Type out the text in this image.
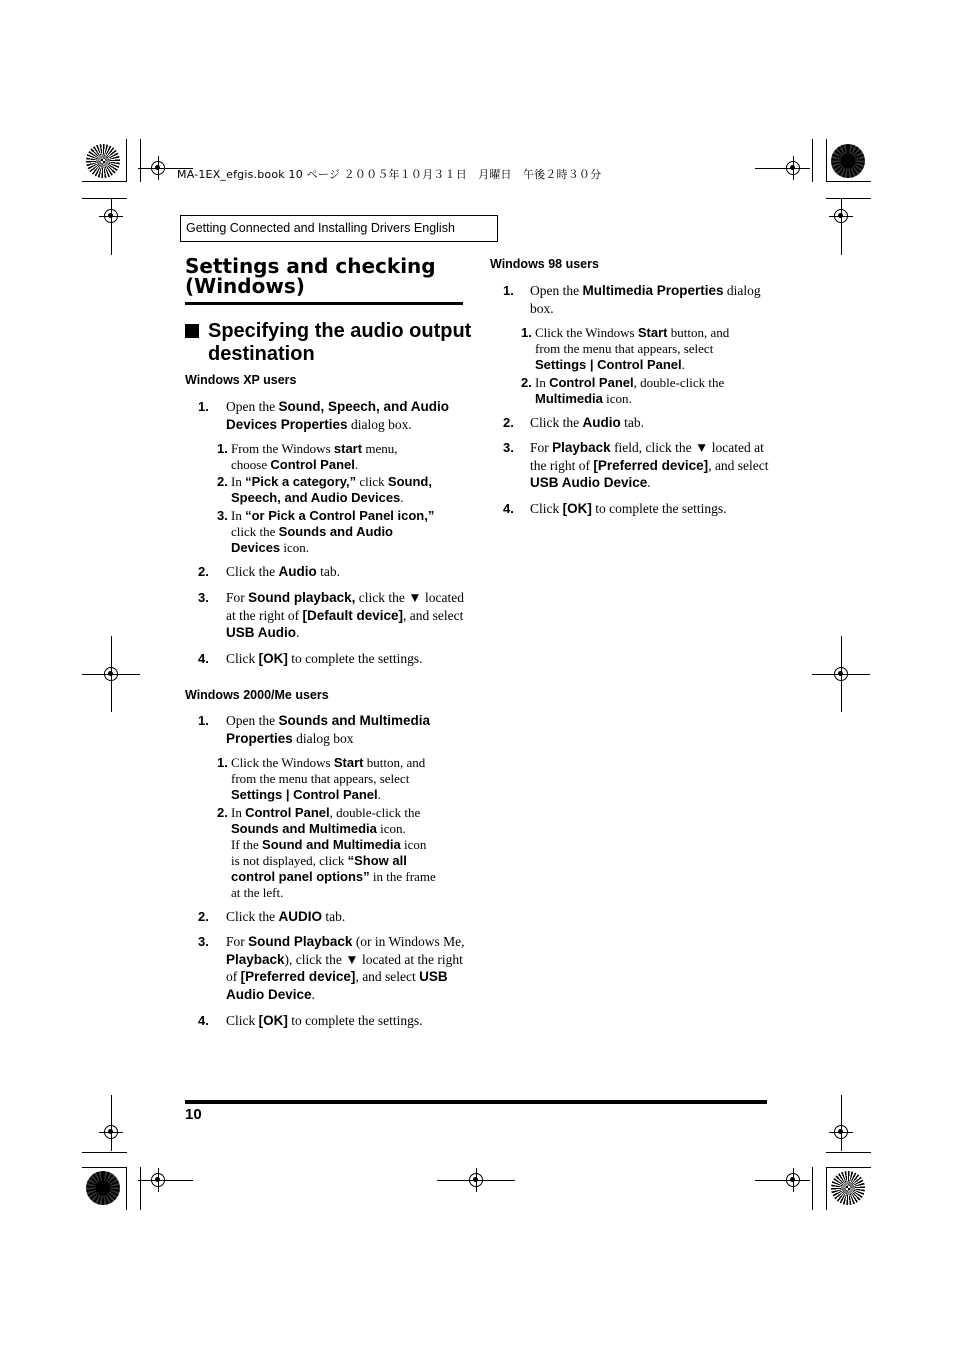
MA-1EX_efgis.book 10 ページ ２００５年１０月３１日　月曜日　午後２時３０分
Getting Connected and Installing Drivers English
Settings and checking (Windows)
Specifying the audio output destination
Windows XP users
1. Open the Sound, Speech, and Audio Devices Properties dialog box.
1. From the Windows start menu, choose Control Panel.
2. In “Pick a category,” click Sound, Speech, and Audio Devices.
3. In “or Pick a Control Panel icon,” click the Sounds and Audio Devices icon.
2. Click the Audio tab.
3. For Sound playback, click the ▼ located at the right of [Default device], and select USB Audio.
4. Click [OK] to complete the settings.
Windows 2000/Me users
1. Open the Sounds and Multimedia Properties dialog box
1. Click the Windows Start button, and from the menu that appears, select Settings | Control Panel.
2. In Control Panel, double-click the Sounds and Multimedia icon.
If the Sound and Multimedia icon is not displayed, click “Show all control panel options” in the frame at the left.
2. Click the AUDIO tab.
3. For Sound Playback (or in Windows Me, Playback), click the ▼ located at the right of [Preferred device], and select USB Audio Device.
4. Click [OK] to complete the settings.
Windows 98 users
1. Open the Multimedia Properties dialog box.
1. Click the Windows Start button, and from the menu that appears, select Settings | Control Panel.
2. In Control Panel, double-click the Multimedia icon.
2. Click the Audio tab.
3. For Playback field, click the ▼ located at the right of [Preferred device], and select USB Audio Device.
4. Click [OK] to complete the settings.
10
